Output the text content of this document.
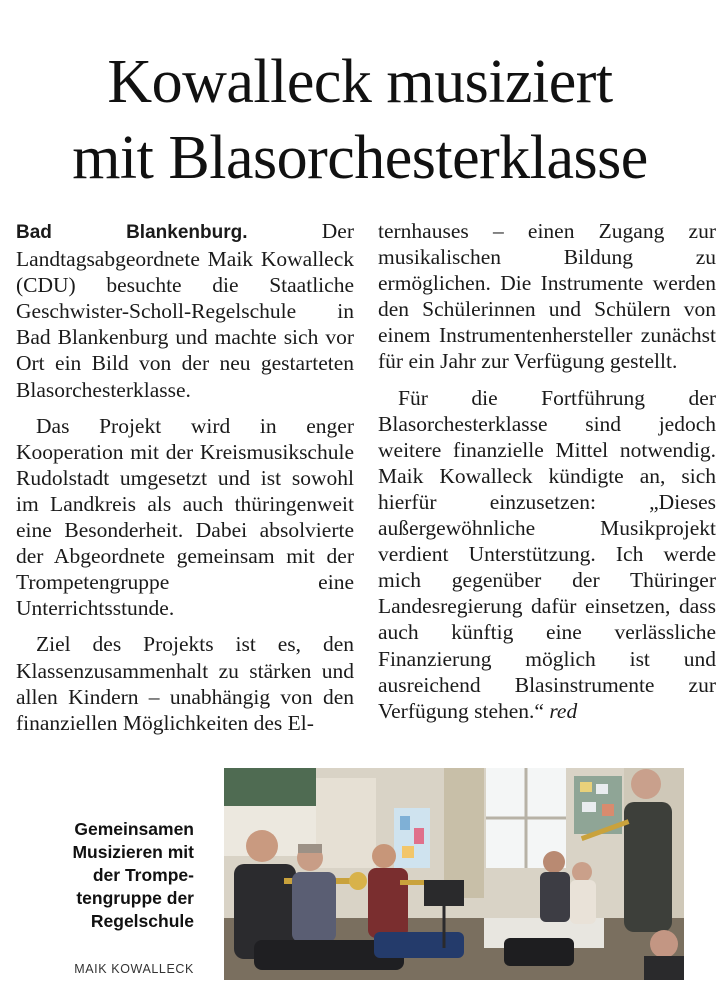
Kowalleck musiziert
mit Blasorchesterklasse

Bad Blankenburg. Der Landtagsabgeordnete Maik Kowalleck (CDU) besuchte die Staatliche Geschwister-Scholl-Regelschule in Bad Blankenburg und machte sich vor Ort ein Bild von der neu gestarteten Blasorchesterklasse.

Das Projekt wird in enger Kooperation mit der Kreismusikschule Rudolstadt umgesetzt und ist sowohl im Landkreis als auch thüringenweit eine Besonderheit. Dabei absolvierte der Abgeordnete gemeinsam mit der Trompetengruppe eine Unterrichtsstunde.

Ziel des Projekts ist es, den Klassenzusammenhalt zu stärken und allen Kindern – unabhängig von den finanziellen Möglichkeiten des El-

ternhauses – einen Zugang zur musikalischen Bildung zu ermöglichen. Die Instrumente werden den Schülerinnen und Schülern von einem Instrumentenhersteller zunächst für ein Jahr zur Verfügung gestellt.

Für die Fortführung der Blasorchesterklasse sind jedoch weitere finanzielle Mittel notwendig. Maik Kowalleck kündigte an, sich hierfür einzusetzen: „Dieses außergewöhnliche Musikprojekt verdient Unterstützung. Ich werde mich gegenüber der Thüringer Landesregierung dafür einsetzen, dass auch künftig eine verlässliche Finanzierung möglich ist und ausreichend Blasinstrumente zur Verfügung stehen.“ red

Gemeinsamen
Musizieren mit
der Trompe-
tengruppe der
Regelschule
MAIK KOWALLECK
